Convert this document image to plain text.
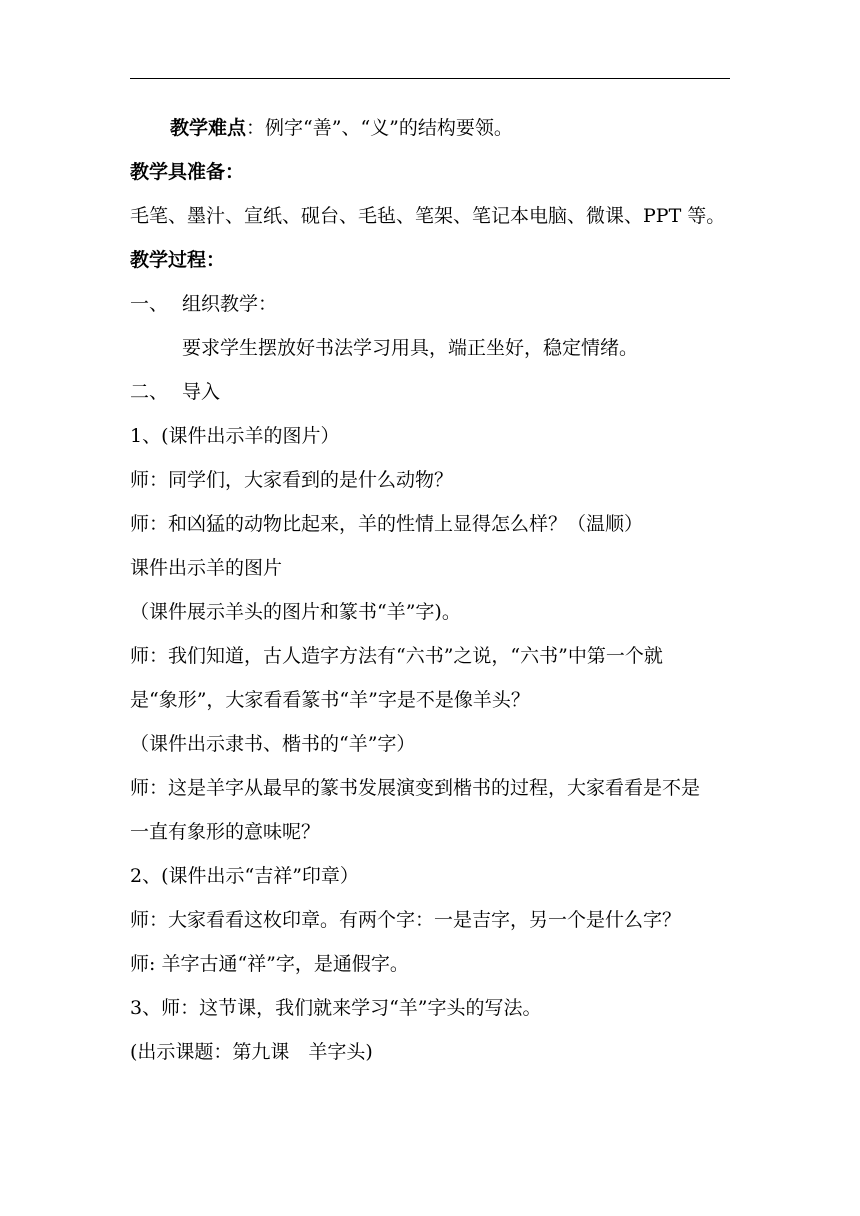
教学难点：例字“善”、“义”的结构要领。
教学具准备：
毛笔、墨汁、宣纸、砚台、毛毡、笔架、笔记本电脑、微课、PPT 等。
教学过程：
一、 组织教学：
要求学生摆放好书法学习用具，端正坐好，稳定情绪。
二、 导入
1、(课件出示羊的图片）
师：同学们，大家看到的是什么动物？
师：和凶猛的动物比起来，羊的性情上显得怎么样？（温顺）
课件出示羊的图片
（课件展示羊头的图片和篆书“羊”字)。
师：我们知道，古人造字方法有“六书”之说，“六书”中第一个就
是“象形”，大家看看篆书“羊”字是不是像羊头？
（课件出示隶书、楷书的“羊”字）
师：这是羊字从最早的篆书发展演变到楷书的过程，大家看看是不是
一直有象形的意味呢？
2、(课件出示“吉祥”印章）
师：大家看看这枚印章。有两个字：一是吉字，另一个是什么字？
师: 羊字古通“祥”字，是通假字。
3、师：这节课，我们就来学习“羊”字头的写法。
(出示课题：第九课　羊字头)
